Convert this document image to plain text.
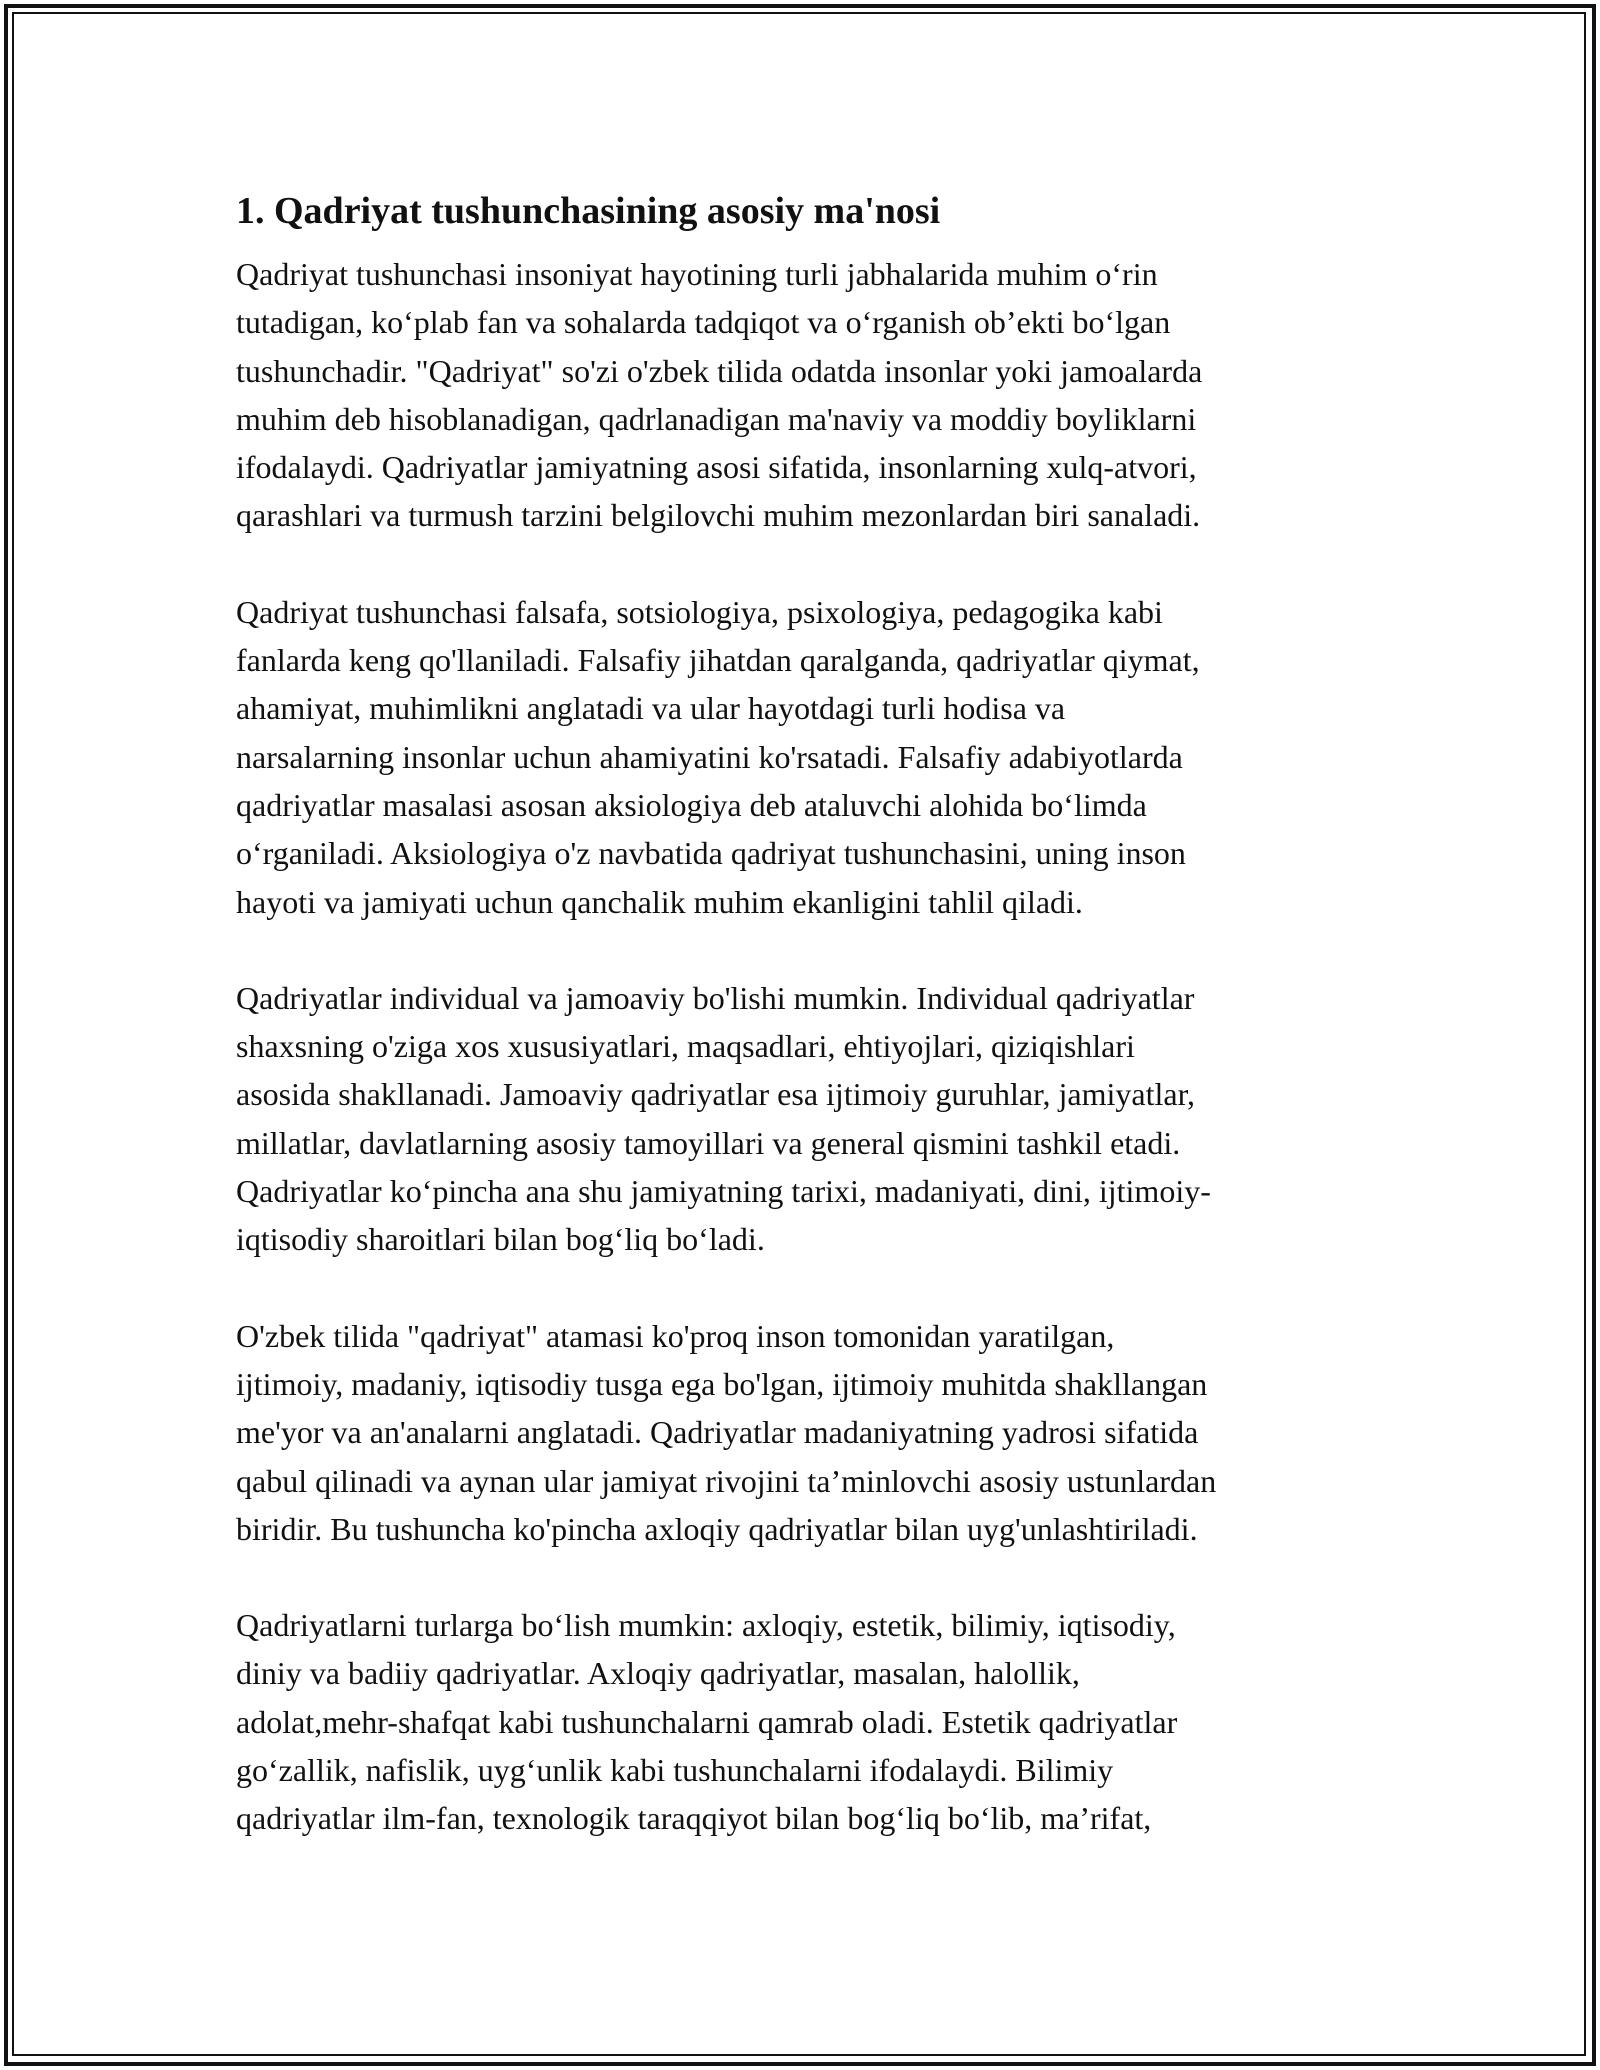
1. Qadriyat tushunchasining asosiy ma'nosi
Qadriyat tushunchasi insoniyat hayotining turli jabhalarida muhim o‘rin
tutadigan, ko‘plab fan va sohalarda tadqiqot va o‘rganish ob’ekti bo‘lgan
tushunchadir. "Qadriyat" so'zi o'zbek tilida odatda insonlar yoki jamoalarda
muhim deb hisoblanadigan, qadrlanadigan ma'naviy va moddiy boyliklarni
ifodalaydi. Qadriyatlar jamiyatning asosi sifatida, insonlarning xulq-atvori,
qarashlari va turmush tarzini belgilovchi muhim mezonlardan biri sanaladi.
Qadriyat tushunchasi falsafa, sotsiologiya, psixologiya, pedagogika kabi
fanlarda keng qo'llaniladi. Falsafiy jihatdan qaralganda, qadriyatlar qiymat,
ahamiyat, muhimlikni anglatadi va ular hayotdagi turli hodisa va
narsalarning insonlar uchun ahamiyatini ko'rsatadi. Falsafiy adabiyotlarda
qadriyatlar masalasi asosan aksiologiya deb ataluvchi alohida bo‘limda
o‘rganiladi. Aksiologiya o'z navbatida qadriyat tushunchasini, uning inson
hayoti va jamiyati uchun qanchalik muhim ekanligini tahlil qiladi.
Qadriyatlar individual va jamoaviy bo'lishi mumkin. Individual qadriyatlar
shaxsning o'ziga xos xususiyatlari, maqsadlari, ehtiyojlari, qiziqishlari
asosida shakllanadi. Jamoaviy qadriyatlar esa ijtimoiy guruhlar, jamiyatlar,
millatlar, davlatlarning asosiy tamoyillari va general qismini tashkil etadi.
Qadriyatlar ko‘pincha ana shu jamiyatning tarixi, madaniyati, dini, ijtimoiy-
iqtisodiy sharoitlari bilan bog‘liq bo‘ladi.
O'zbek tilida "qadriyat" atamasi ko'proq inson tomonidan yaratilgan,
ijtimoiy, madaniy, iqtisodiy tusga ega bo'lgan, ijtimoiy muhitda shakllangan
me'yor va an'analarni anglatadi. Qadriyatlar madaniyatning yadrosi sifatida
qabul qilinadi va aynan ular jamiyat rivojini ta’minlovchi asosiy ustunlardan
biridir. Bu tushuncha ko'pincha axloqiy qadriyatlar bilan uyg'unlashtiriladi.
Qadriyatlarni turlarga bo‘lish mumkin: axloqiy, estetik, bilimiy, iqtisodiy,
diniy va badiiy qadriyatlar. Axloqiy qadriyatlar, masalan, halollik,
adolat,mehr-shafqat kabi tushunchalarni qamrab oladi. Estetik qadriyatlar
go‘zallik, nafislik, uyg‘unlik kabi tushunchalarni ifodalaydi. Bilimiy
qadriyatlar ilm-fan, texnologik taraqqiyot bilan bog‘liq bo‘lib, ma’rifat,
